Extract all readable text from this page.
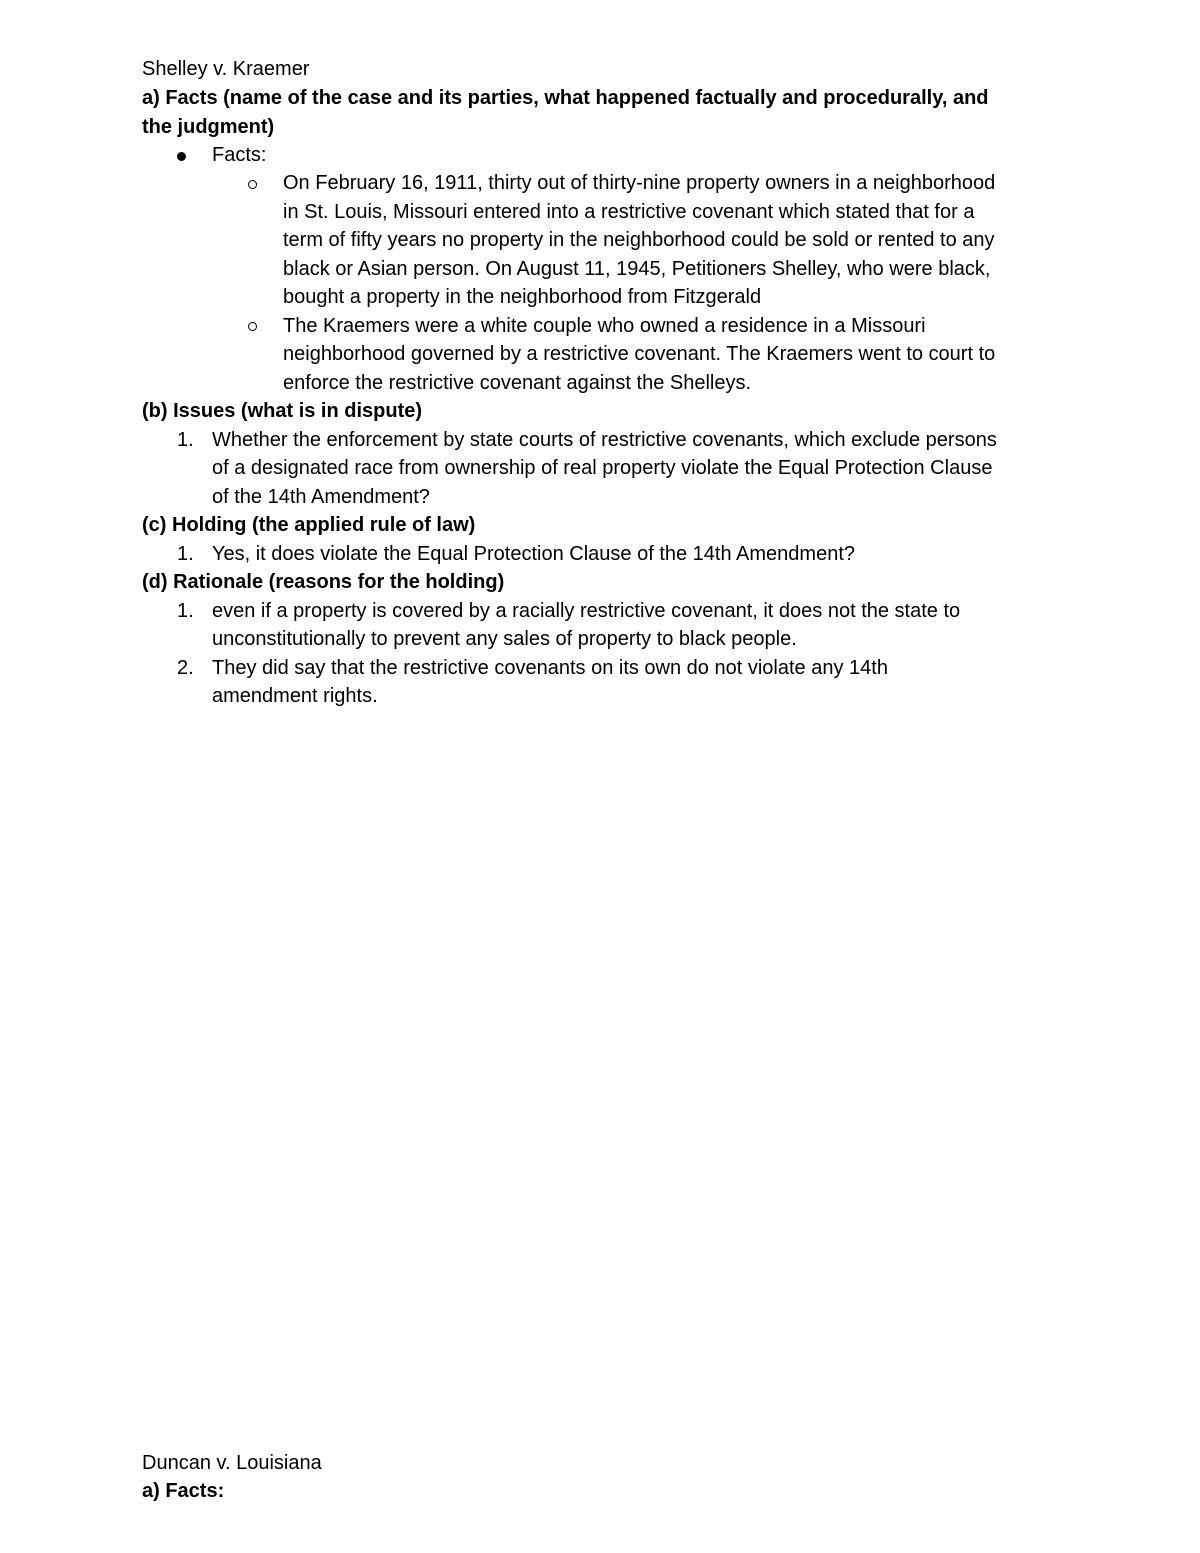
Shelley v. Kraemer
a) Facts (name of the case and its parties, what happened factually and procedurally, and
the judgment)
Facts:
On February 16, 1911, thirty out of thirty-nine property owners in a neighborhood
in St. Louis, Missouri entered into a restrictive covenant which stated that for a
term of fifty years no property in the neighborhood could be sold or rented to any
black or Asian person. On August 11, 1945, Petitioners Shelley, who were black,
bought a property in the neighborhood from Fitzgerald
The Kraemers were a white couple who owned a residence in a Missouri
neighborhood governed by a restrictive covenant. The Kraemers went to court to
enforce the restrictive covenant against the Shelleys.
(b) Issues (what is in dispute)
1. Whether the enforcement by state courts of restrictive covenants, which exclude persons
of a designated race from ownership of real property violate the Equal Protection Clause
of the 14th Amendment?
(c) Holding (the applied rule of law)
1. Yes, it does violate the Equal Protection Clause of the 14th Amendment?
(d) Rationale (reasons for the holding)
1. even if a property is covered by a racially restrictive covenant, it does not the state to
unconstitutionally to prevent any sales of property to black people.
2. They did say that the restrictive covenants on its own do not violate any 14th
amendment rights.
Duncan v. Louisiana
a) Facts:
